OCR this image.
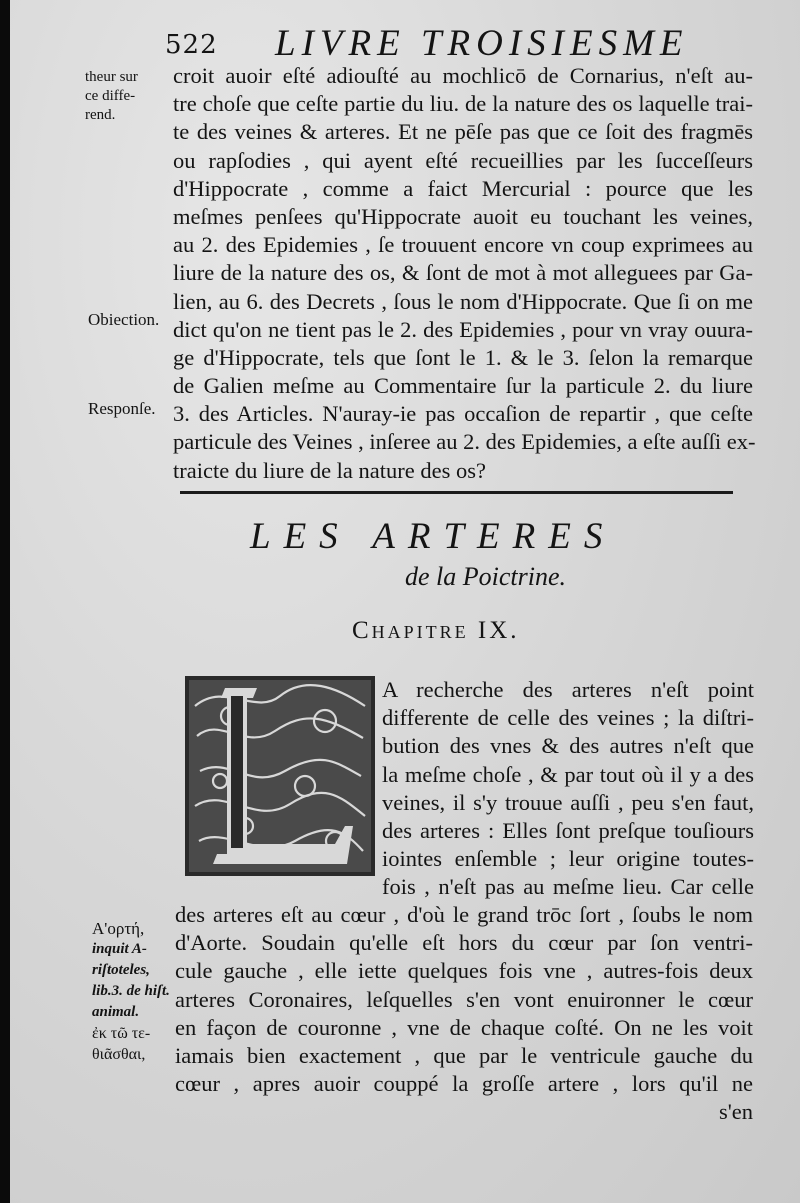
522 LIVRE TROISIESME
theur sur
ce diffe-
rend.
Obiection.
Responſe.
A'ορτή,
inquit A-
riſtoteles,
lib.3. de hiſt.
animal.
ἐκ τῶ τε-
θιᾶσθαι,
croit auoir eſté adiouſté au mochlicō de Cornarius, n'eſt au-
tre choſe que ceſte partie du liu. de la nature des os laquelle trai-
te des veines & arteres. Et ne pēſe pas que ce ſoit des fragmēs
ou rapſodies , qui ayent eſté recueillies par les ſucceſſeurs
d'Hippocrate , comme a faict Mercurial : pource que les
meſmes penſees qu'Hippocrate auoit eu touchant les veines,
au 2. des Epidemies , ſe trouuent encore vn coup exprimees au
liure de la nature des os, & ſont de mot à mot alleguees par Ga-
lien, au 6. des Decrets , ſous le nom d'Hippocrate. Que ſi on me
dict qu'on ne tient pas le 2. des Epidemies , pour vn vray ouura-
ge d'Hippocrate, tels que ſont le 1. & le 3. ſelon la remarque
de Galien meſme au Commentaire ſur la particule 2. du liure
3. des Articles. N'auray-ie pas occaſion de repartir , que ceſte
particule des Veines , inſeree au 2. des Epidemies, a eſte auſſi ex-
traicte du liure de la nature des os?
LES ARTERES
de la Poictrine.
Chapitre IX.
A recherche des arteres n'eſt point
differente de celle des veines ; la diſtri-
bution des vnes & des autres n'eſt que
la meſme choſe , & par tout où il y a des
veines, il s'y trouue auſſi , peu s'en faut,
des arteres : Elles ſont preſque touſiours
iointes enſemble ; leur origine toutes-
fois , n'eſt pas au meſme lieu. Car celle
des arteres eſt au cœur , d'où le grand trōc ſort , ſoubs le nom
d'Aorte. Soudain qu'elle eſt hors du cœur par ſon ventri-
cule gauche , elle iette quelques fois vne , autres-fois deux
arteres Coronaires, leſquelles s'en vont enuironner le cœur
en façon de couronne , vne de chaque coſté. On ne les voit
iamais bien exactement , que par le ventricule gauche du
cœur , apres auoir couppé la groſſe artere , lors qu'il ne
s'en
